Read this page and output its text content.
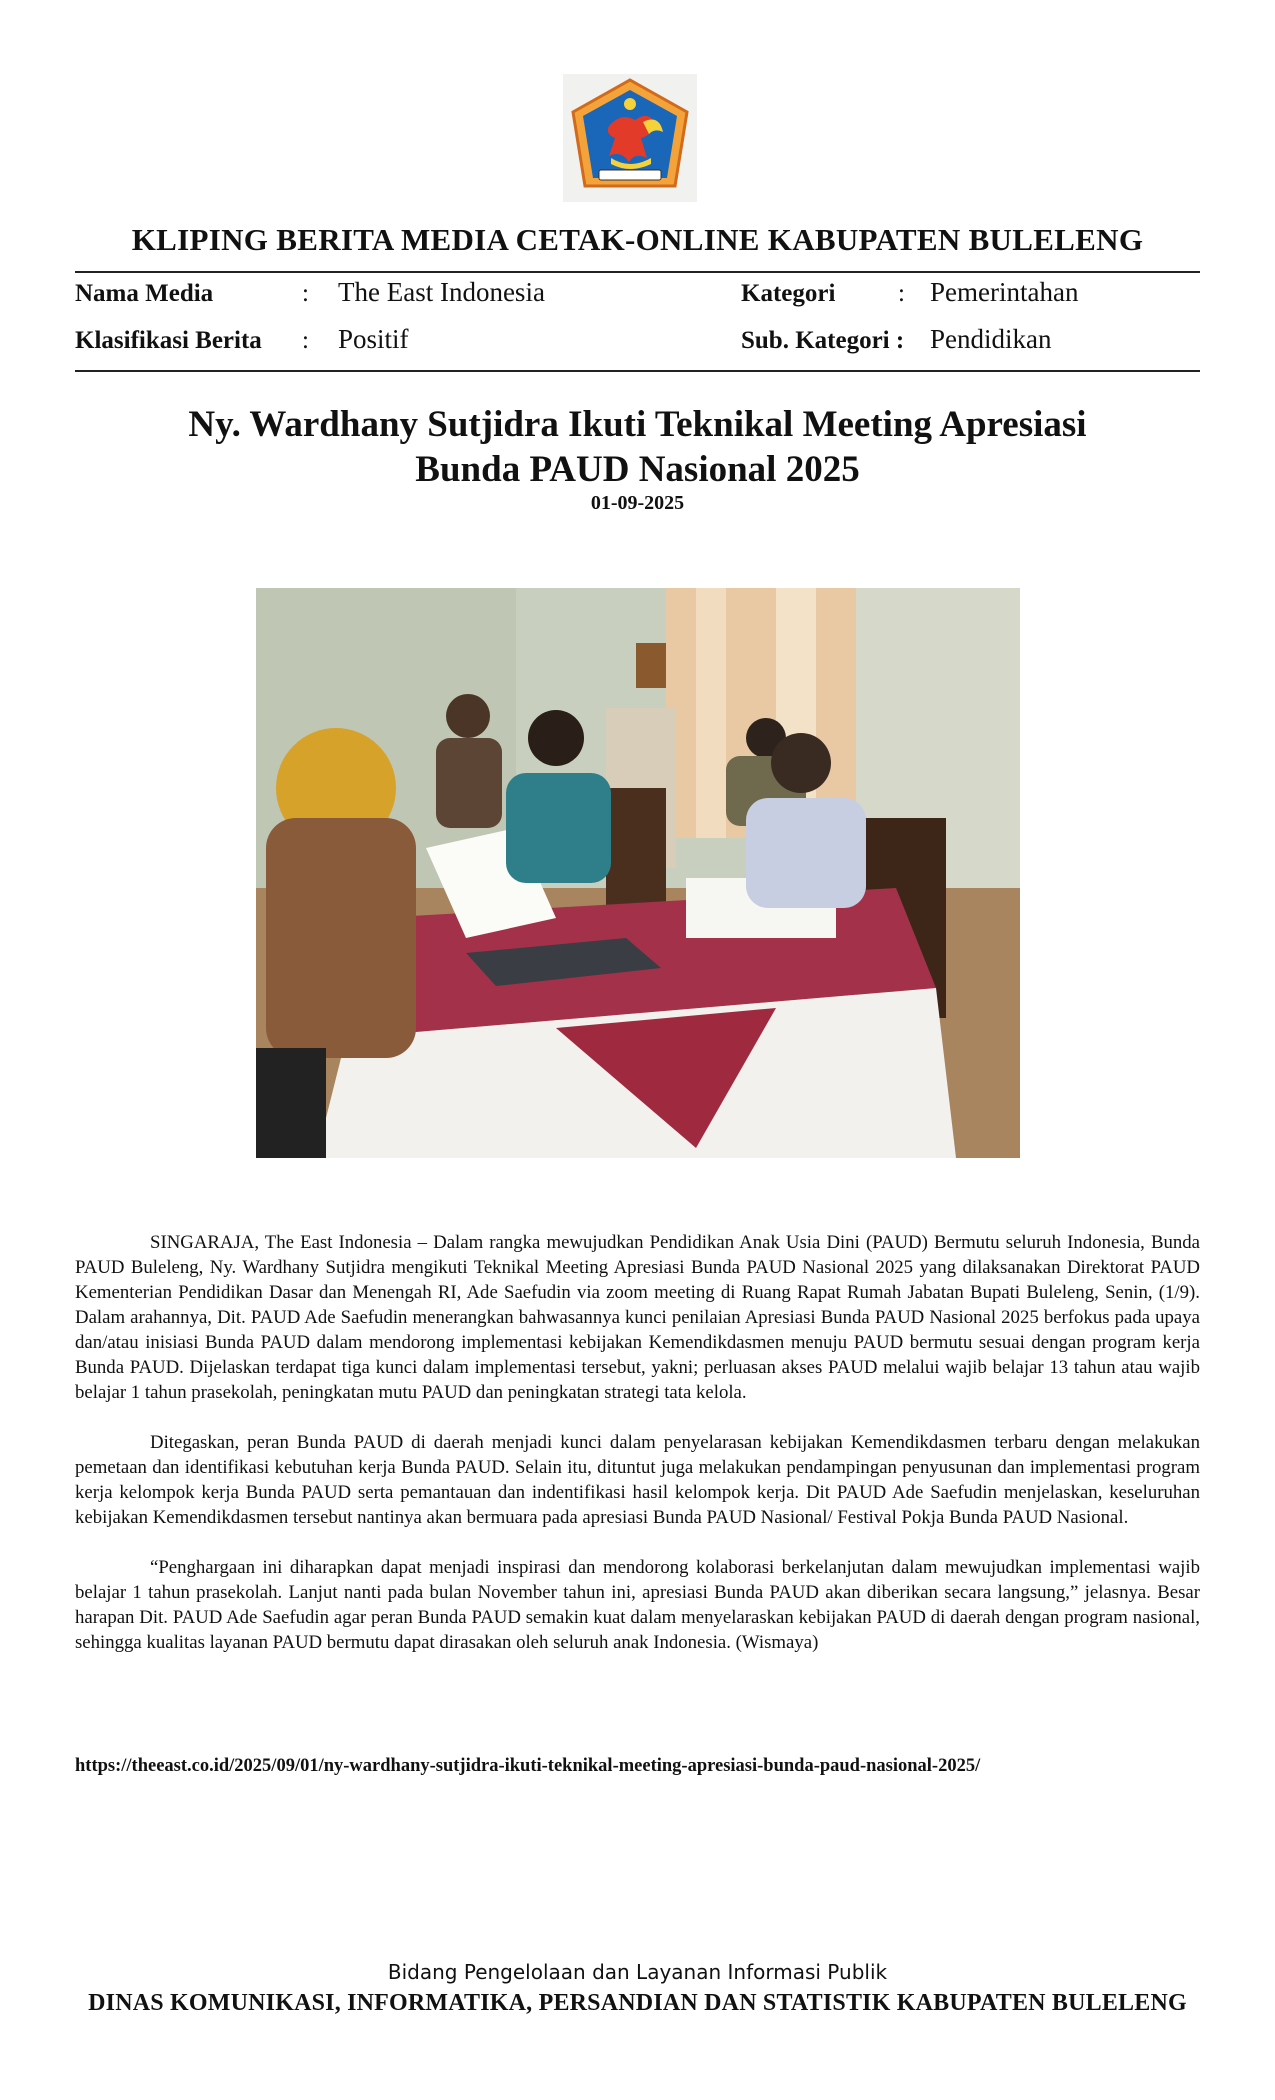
KLIPING BERITA MEDIA CETAK-ONLINE KABUPATEN BULELENG
Nama Media	: The East Indonesia	Kategori	: Pemerintahan
Klasifikasi Berita : Positif	Sub. Kategori : Pendidikan
Ny. Wardhany Sutjidra Ikuti Teknikal Meeting Apresiasi
Bunda PAUD Nasional 2025
01-09-2025

SINGARAJA, The East Indonesia – Dalam rangka mewujudkan Pendidikan Anak Usia Dini (PAUD) Bermutu seluruh Indonesia, Bunda PAUD Buleleng, Ny. Wardhany Sutjidra mengikuti Teknikal Meeting Apresiasi Bunda PAUD Nasional 2025 yang dilaksanakan Direktorat PAUD Kementerian Pendidikan Dasar dan Menengah RI, Ade Saefudin via zoom meeting di Ruang Rapat Rumah Jabatan Bupati Buleleng, Senin, (1/9). Dalam arahannya, Dit. PAUD Ade Saefudin menerangkan bahwasannya kunci penilaian Apresiasi Bunda PAUD Nasional 2025 berfokus pada upaya dan/atau inisiasi Bunda PAUD dalam mendorong implementasi kebijakan Kemendikdasmen menuju PAUD bermutu sesuai dengan program kerja Bunda PAUD. Dijelaskan terdapat tiga kunci dalam implementasi tersebut, yakni; perluasan akses PAUD melalui wajib belajar 13 tahun atau wajib belajar 1 tahun prasekolah, peningkatan mutu PAUD dan peningkatan strategi tata kelola.

Ditegaskan, peran Bunda PAUD di daerah menjadi kunci dalam penyelarasan kebijakan Kemendikdasmen terbaru dengan melakukan pemetaan dan identifikasi kebutuhan kerja Bunda PAUD. Selain itu, dituntut juga melakukan pendampingan penyusunan dan implementasi program kerja kelompok kerja Bunda PAUD serta pemantauan dan indentifikasi hasil kelompok kerja. Dit PAUD Ade Saefudin menjelaskan, keseluruhan kebijakan Kemendikdasmen tersebut nantinya akan bermuara pada apresiasi Bunda PAUD Nasional/ Festival Pokja Bunda PAUD Nasional.

“Penghargaan ini diharapkan dapat menjadi inspirasi dan mendorong kolaborasi berkelanjutan dalam mewujudkan implementasi wajib belajar 1 tahun prasekolah. Lanjut nanti pada bulan November tahun ini, apresiasi Bunda PAUD akan diberikan secara langsung,” jelasnya. Besar harapan Dit. PAUD Ade Saefudin agar peran Bunda PAUD semakin kuat dalam menyelaraskan kebijakan PAUD di daerah dengan program nasional, sehingga kualitas layanan PAUD bermutu dapat dirasakan oleh seluruh anak Indonesia. (Wismaya)

https://theeast.co.id/2025/09/01/ny-wardhany-sutjidra-ikuti-teknikal-meeting-apresiasi-bunda-paud-nasional-2025/
Bidang Pengelolaan dan Layanan Informasi Publik
DINAS KOMUNIKASI, INFORMATIKA, PERSANDIAN DAN STATISTIK KABUPATEN BULELENG
